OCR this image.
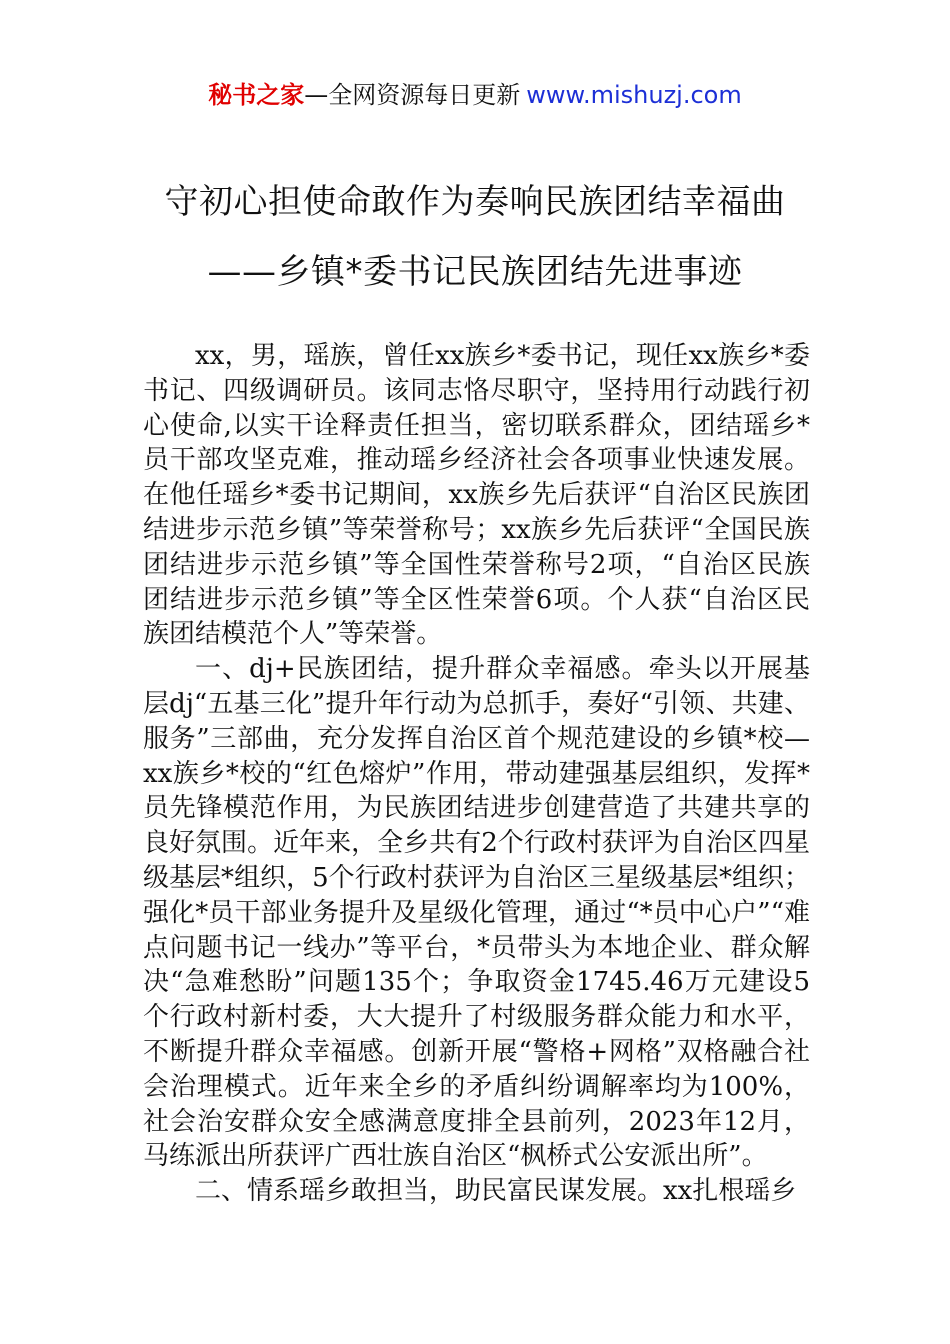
秘书之家—全网资源每日更新 www.mishuzj.com
守初心担使命敢作为奏响民族团结幸福曲
——乡镇*委书记民族团结先进事迹

xx，男，瑶族，曾任xx族乡*委书记，现任xx族乡*委书记、四级调研员。该同志恪尽职守，坚持用行动践行初心使命,以实干诠释责任担当，密切联系群众，团结瑶乡*员干部攻坚克难，推动瑶乡经济社会各项事业快速发展。在他任瑶乡*委书记期间，xx族乡先后获评“自治区民族团结进步示范乡镇”等荣誉称号；xx族乡先后获评“全国民族团结进步示范乡镇”等全国性荣誉称号2项，“自治区民族团结进步示范乡镇”等全区性荣誉6项。个人获“自治区民族团结模范个人”等荣誉。

一、dj+民族团结，提升群众幸福感。牵头以开展基层dj“五基三化”提升年行动为总抓手，奏好“引领、共建、服务”三部曲，充分发挥自治区首个规范建设的乡镇*校—xx族乡*校的“红色熔炉”作用，带动建强基层组织，发挥*员先锋模范作用，为民族团结进步创建营造了共建共享的良好氛围。近年来，全乡共有2个行政村获评为自治区四星级基层*组织，5个行政村获评为自治区三星级基层*组织；强化*员干部业务提升及星级化管理，通过“*员中心户”“难点问题书记一线办”等平台，*员带头为本地企业、群众解决“急难愁盼”问题135个；争取资金1745.46万元建设5个行政村新村委，大大提升了村级服务群众能力和水平，不断提升群众幸福感。创新开展“警格+网格”双格融合社会治理模式。近年来全乡的矛盾纠纷调解率均为100%，社会治安群众安全感满意度排全县前列，2023年12月，马练派出所获评广西壮族自治区“枫桥式公安派出所”。

二、情系瑶乡敢担当，助民富民谋发展。xx扎根瑶乡
